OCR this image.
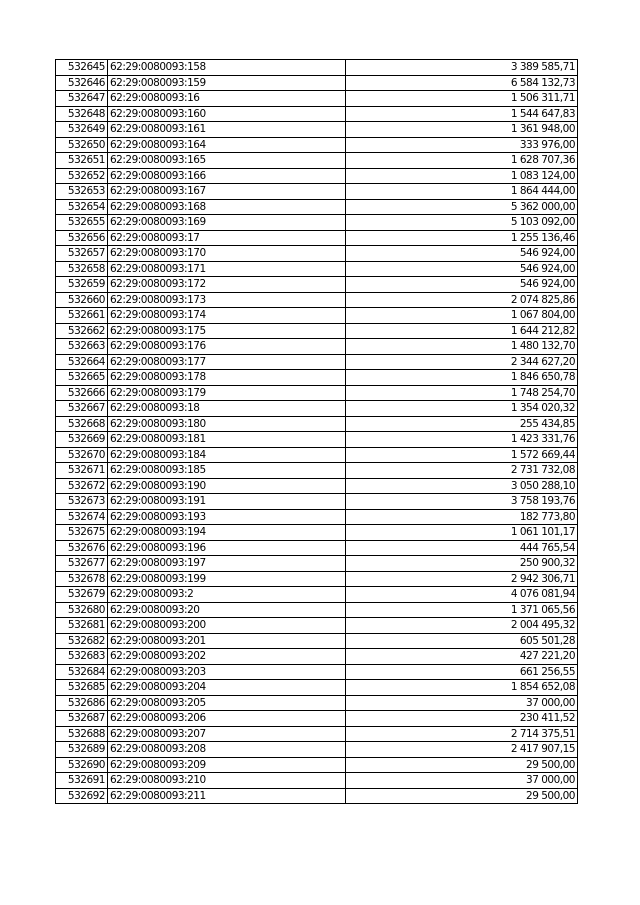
532645	62:29:0080093:158	3 389 585,71
532646	62:29:0080093:159	6 584 132,73
532647	62:29:0080093:16	1 506 311,71
532648	62:29:0080093:160	1 544 647,83
532649	62:29:0080093:161	1 361 948,00
532650	62:29:0080093:164	333 976,00
532651	62:29:0080093:165	1 628 707,36
532652	62:29:0080093:166	1 083 124,00
532653	62:29:0080093:167	1 864 444,00
532654	62:29:0080093:168	5 362 000,00
532655	62:29:0080093:169	5 103 092,00
532656	62:29:0080093:17	1 255 136,46
532657	62:29:0080093:170	546 924,00
532658	62:29:0080093:171	546 924,00
532659	62:29:0080093:172	546 924,00
532660	62:29:0080093:173	2 074 825,86
532661	62:29:0080093:174	1 067 804,00
532662	62:29:0080093:175	1 644 212,82
532663	62:29:0080093:176	1 480 132,70
532664	62:29:0080093:177	2 344 627,20
532665	62:29:0080093:178	1 846 650,78
532666	62:29:0080093:179	1 748 254,70
532667	62:29:0080093:18	1 354 020,32
532668	62:29:0080093:180	255 434,85
532669	62:29:0080093:181	1 423 331,76
532670	62:29:0080093:184	1 572 669,44
532671	62:29:0080093:185	2 731 732,08
532672	62:29:0080093:190	3 050 288,10
532673	62:29:0080093:191	3 758 193,76
532674	62:29:0080093:193	182 773,80
532675	62:29:0080093:194	1 061 101,17
532676	62:29:0080093:196	444 765,54
532677	62:29:0080093:197	250 900,32
532678	62:29:0080093:199	2 942 306,71
532679	62:29:0080093:2	4 076 081,94
532680	62:29:0080093:20	1 371 065,56
532681	62:29:0080093:200	2 004 495,32
532682	62:29:0080093:201	605 501,28
532683	62:29:0080093:202	427 221,20
532684	62:29:0080093:203	661 256,55
532685	62:29:0080093:204	1 854 652,08
532686	62:29:0080093:205	37 000,00
532687	62:29:0080093:206	230 411,52
532688	62:29:0080093:207	2 714 375,51
532689	62:29:0080093:208	2 417 907,15
532690	62:29:0080093:209	29 500,00
532691	62:29:0080093:210	37 000,00
532692	62:29:0080093:211	29 500,00
